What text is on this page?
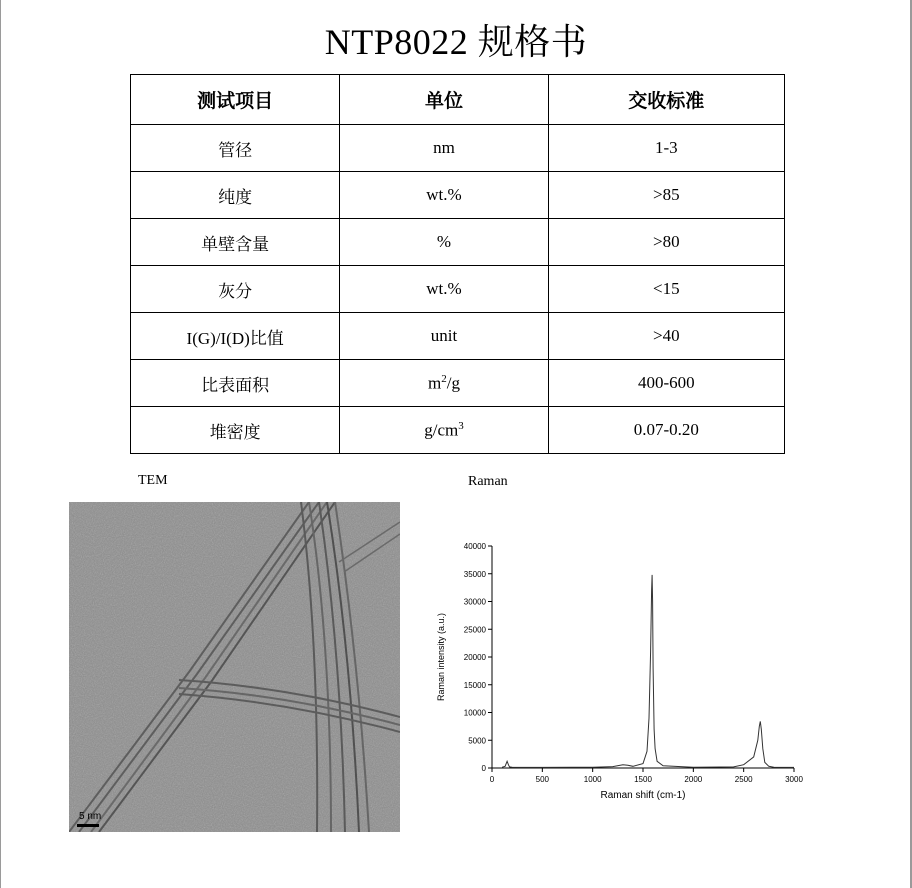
NTP8022 规格书
测试项目	单位	交收标准
管径	nm	1-3
纯度	wt.%	>85
单壁含量	%	>80
灰分	wt.%	<15
I(G)/I(D)比值	unit	>40
比表面积	$m^2/g$	400-600
堆密度	$g/cm^3$	0.07-0.20
TEM	Raman
5 nm
0	500	1000	1500	2000	2500	3000
0
5000
10000
15000
20000
25000
30000
35000
40000
Raman shift (cm-1)
Raman intensity (a.u.)
